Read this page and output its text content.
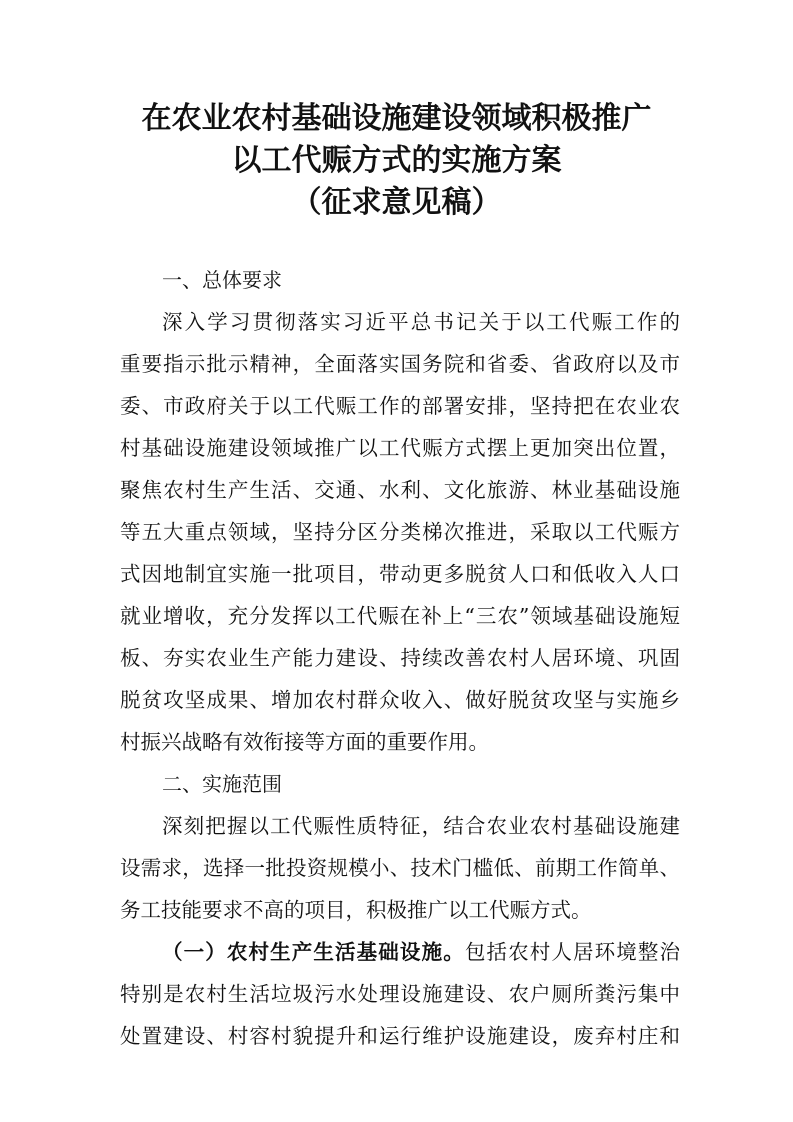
在农业农村基础设施建设领域积极推广
以工代赈方式的实施方案
（征求意见稿）
一、总体要求
深入学习贯彻落实习近平总书记关于以工代赈工作的
重要指示批示精神，全面落实国务院和省委、省政府以及市
委、市政府关于以工代赈工作的部署安排，坚持把在农业农
村基础设施建设领域推广以工代赈方式摆上更加突出位置，
聚焦农村生产生活、交通、水利、文化旅游、林业基础设施
等五大重点领域，坚持分区分类梯次推进，采取以工代赈方
式因地制宜实施一批项目，带动更多脱贫人口和低收入人口
就业增收，充分发挥以工代赈在补上“三农”领域基础设施短
板、夯实农业生产能力建设、持续改善农村人居环境、巩固
脱贫攻坚成果、增加农村群众收入、做好脱贫攻坚与实施乡
村振兴战略有效衔接等方面的重要作用。
二、实施范围
深刻把握以工代赈性质特征，结合农业农村基础设施建
设需求，选择一批投资规模小、技术门槛低、前期工作简单、
务工技能要求不高的项目，积极推广以工代赈方式。
（一）农村生产生活基础设施。包括农村人居环境整治
特别是农村生活垃圾污水处理设施建设、农户厕所粪污集中
处置建设、村容村貌提升和运行维护设施建设，废弃村庄和
